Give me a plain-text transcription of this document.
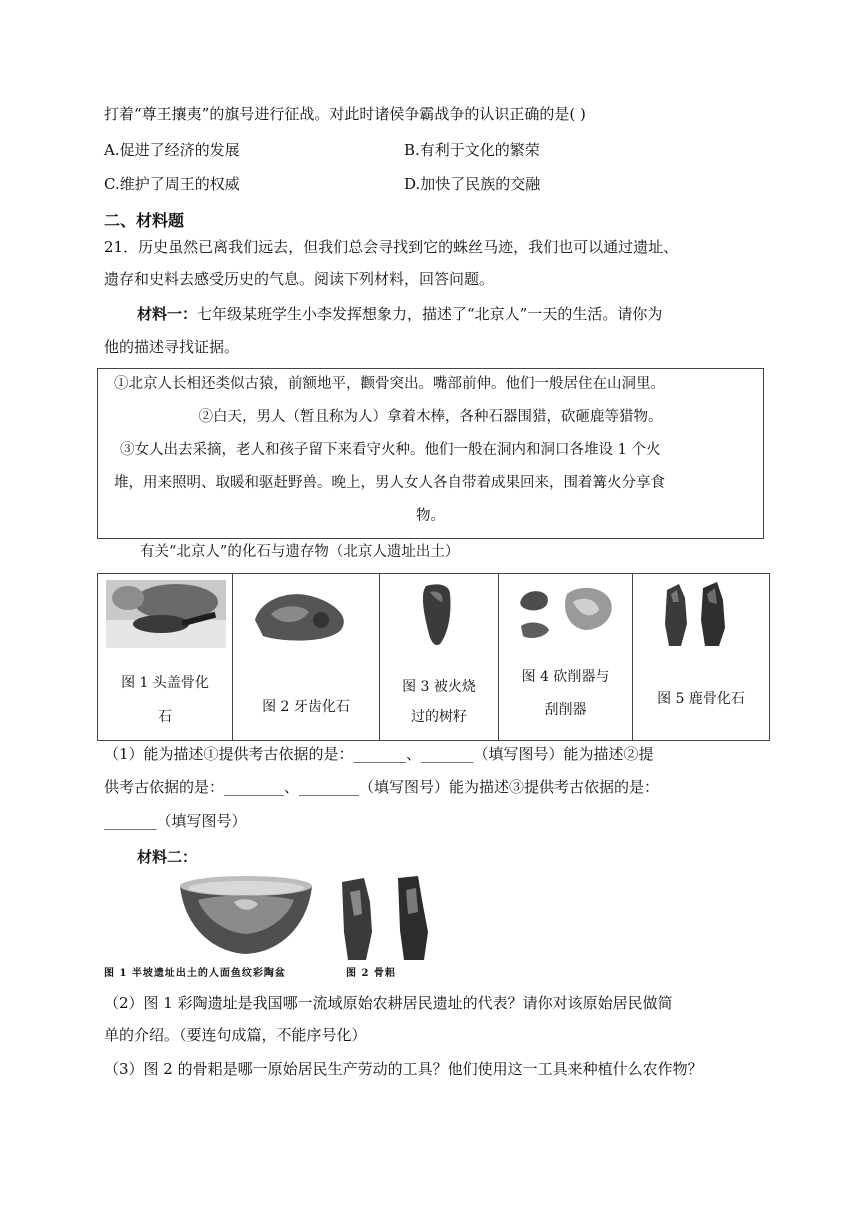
打着“尊王攘夷”的旗号进行征战。对此时诸侯争霸战争的认识正确的是( )
A.促进了经济的发展	B.有利于文化的繁荣
C.维护了周王的权威	D.加快了民族的交融
二、材料题
21．历史虽然已离我们远去，但我们总会寻找到它的蛛丝马迹，我们也可以通过遗址、
遗存和史料去感受历史的气息。阅读下列材料，回答问题。
材料一：七年级某班学生小李发挥想象力，描述了“北京人”一天的生活。请你为
他的描述寻找证据。
①北京人长相还类似古猿，前额地平，颧骨突出。嘴部前伸。他们一般居住在山洞里。
②白天，男人（暂且称为人）拿着木棒，各种石器围猎，砍砸鹿等猎物。
③女人出去采摘，老人和孩子留下来看守火种。他们一般在洞内和洞口各堆设 1 个火
堆，用来照明、取暖和驱赶野兽。晚上，男人女人各自带着成果回来，围着篝火分享食
物。
有关“北京人”的化石与遗存物（北京人遗址出土）
图 1 头盖骨化
石

图 2 牙齿化石

图 3 被火烧
过的树籽

图 4 砍削器与
刮削器

图 5 鹿骨化石
（1）能为描述①提供考古依据的是：_______、_______（填写图号）能为描述②提
供考古依据的是：________、________（填写图号）能为描述③提供考古依据的是：
_______（填写图号）
材料二：
图 1 半坡遗址出土的人面鱼纹彩陶盆	图 2 骨耜
（2）图 1 彩陶遗址是我国哪一流域原始农耕居民遗址的代表？请你对该原始居民做简
单的介绍。（要连句成篇，不能序号化）
（3）图 2 的骨耜是哪一原始居民生产劳动的工具？他们使用这一工具来种植什么农作物？
